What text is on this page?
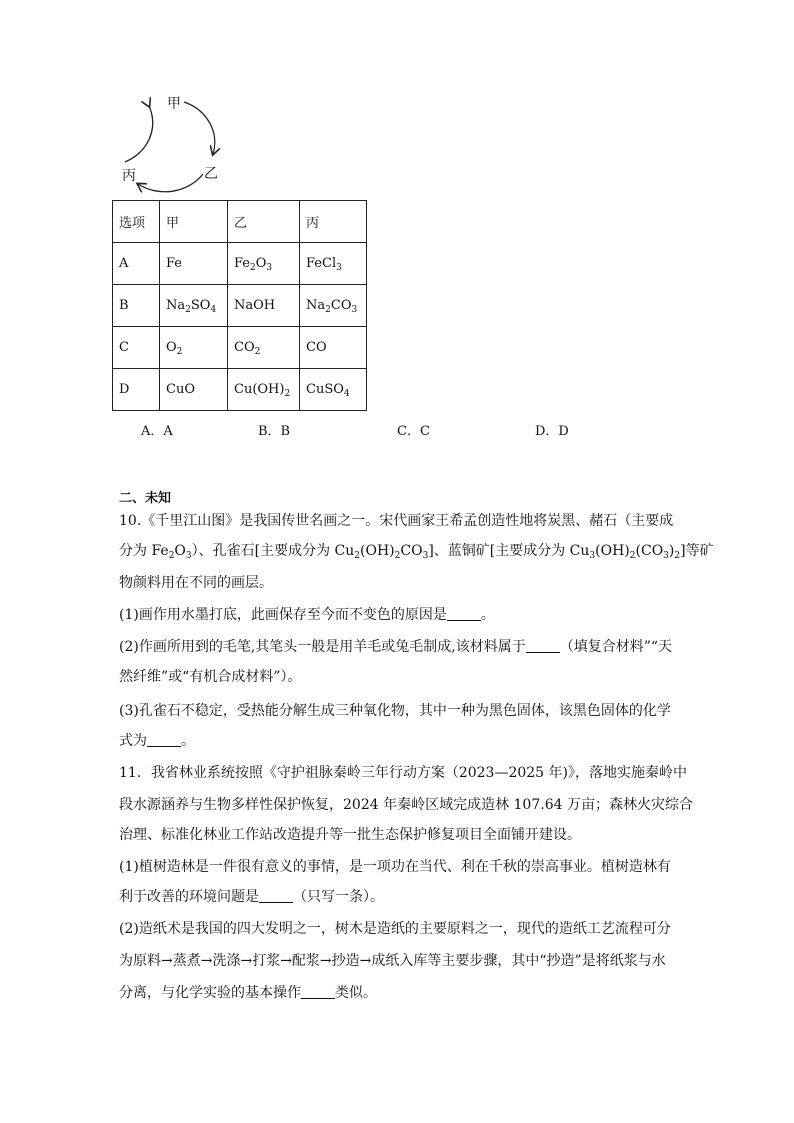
甲
乙
丙
选项	甲	乙	丙
A	Fe	$Fe_2O_3$	FeCl$_3$
B	$Na_2SO_4$	NaOH	$Na_2CO_3$
C	$O_2$	$CO_2$	CO
D	CuO	$Cu(OH)_2$	CuSO$_4$
A．A	B．B	C．C	D．D
二、未知
10.《千里江山图》是我国传世名画之一。宋代画家王希孟创造性地将炭黑、赭石（主要成
分为 $Fe_2O_3$）、孔雀石[主要成分为 $Cu_2(OH)_2CO_3$]、蓝铜矿[主要成分为 $Cu_3(OH)_2(CO_3)_2$]等矿
物颜料用在不同的画层。
(1)画作用水墨打底，此画保存至今而不变色的原因是 。
(2)作画所用到的毛笔,其笔头一般是用羊毛或兔毛制成,该材料属于 （填复合材料”“天
然纤维”或“有机合成材料”）。
(3)孔雀石不稳定，受热能分解生成三种氧化物，其中一种为黑色固体，该黑色固体的化学
式为 。
11．我省林业系统按照《守护祖脉秦岭三年行动方案（2023—2025 年)》，落地实施秦岭中
段水源涵养与生物多样性保护恢复，2024 年秦岭区域完成造林 107.64 万亩；森林火灾综合
治理、标准化林业工作站改造提升等一批生态保护修复项目全面铺开建设。
(1)植树造林是一件很有意义的事情，是一项功在当代、利在千秋的崇高事业。植树造林有
利于改善的环境问题是 （只写一条）。
(2)造纸术是我国的四大发明之一，树木是造纸的主要原料之一，现代的造纸工艺流程可分
为原料→蒸煮→洗涤→打浆→配浆→抄造→成纸入库等主要步骤，其中“抄造”是将纸浆与水
分离，与化学实验的基本操作 类似。
